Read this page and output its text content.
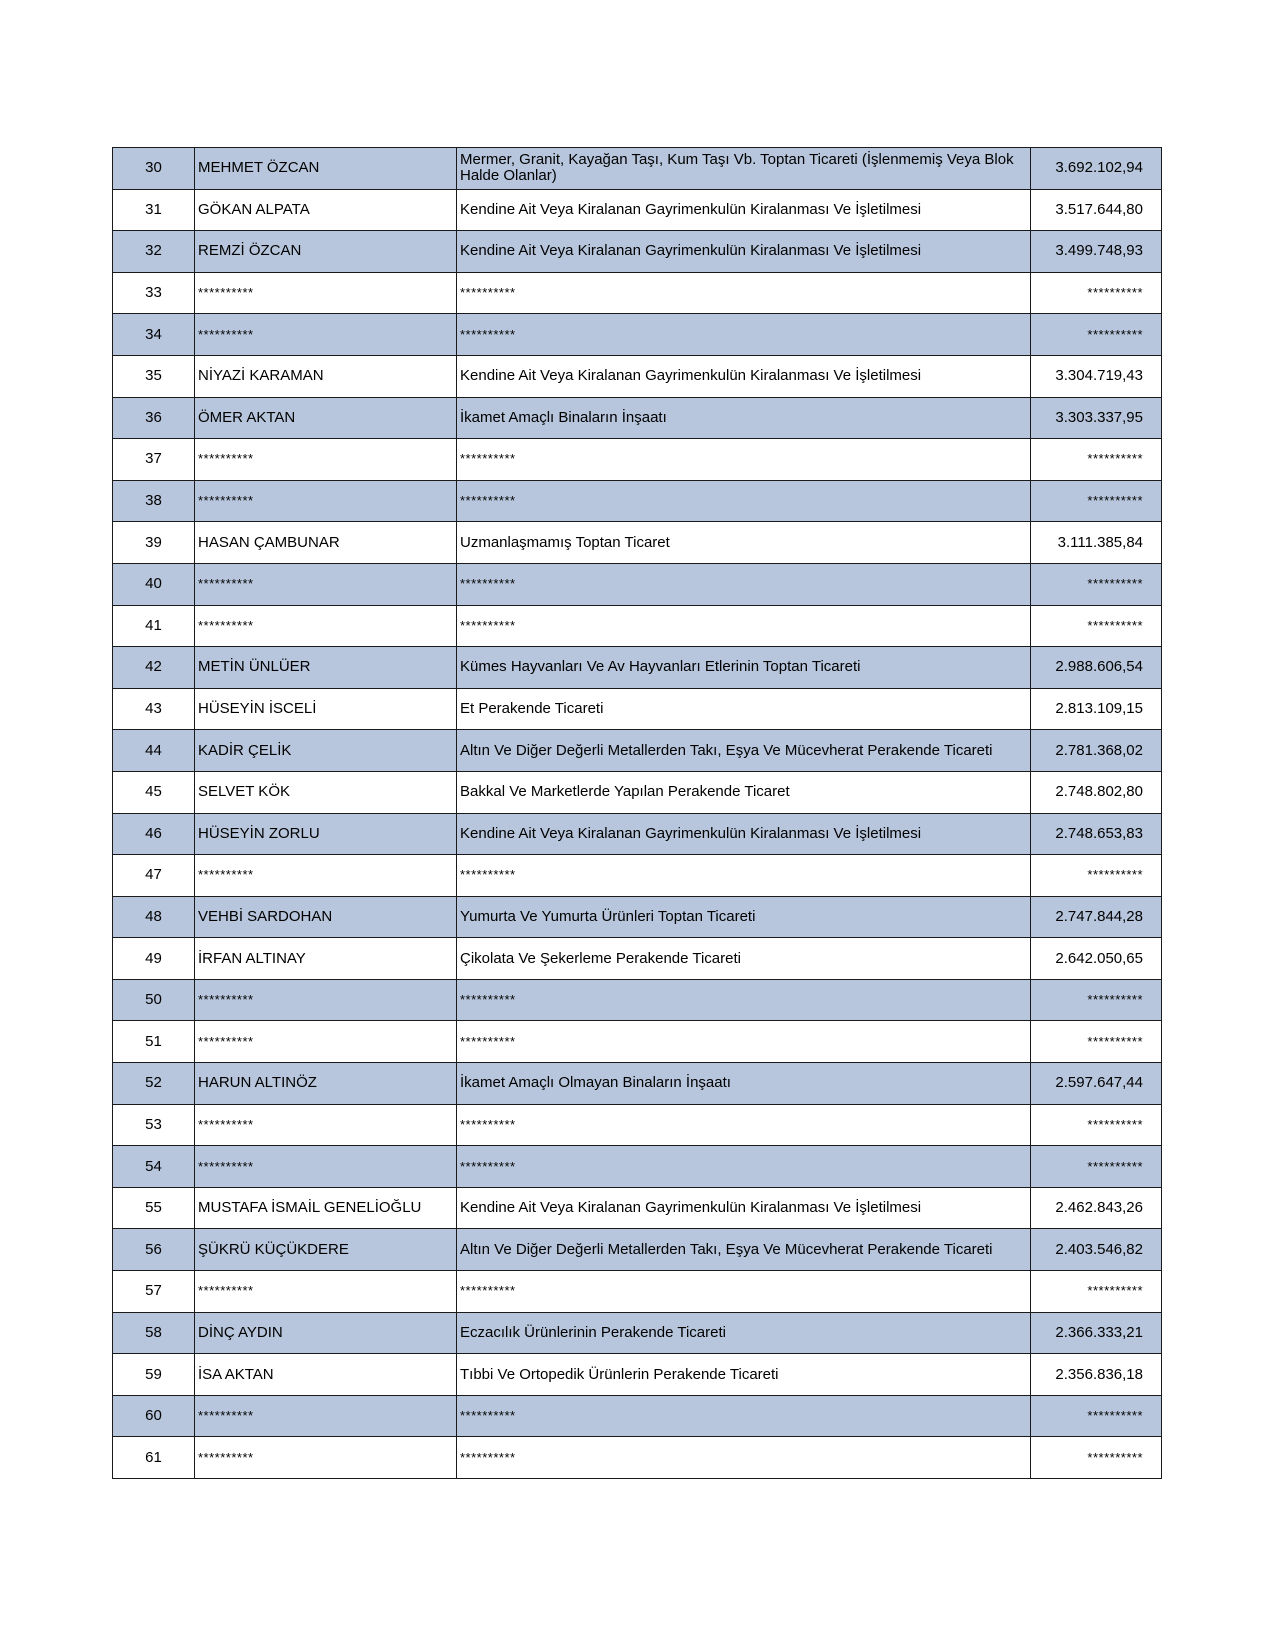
30	MEHMET ÖZCAN	Mermer, Granit, Kayağan Taşı, Kum Taşı Vb. Toptan Ticareti (İşlenmemiş Veya Blok Halde Olanlar)	3.692.102,94
31	GÖKAN ALPATA	Kendine Ait Veya Kiralanan Gayrimenkulün Kiralanması Ve İşletilmesi	3.517.644,80
32	REMZİ ÖZCAN	Kendine Ait Veya Kiralanan Gayrimenkulün Kiralanması Ve İşletilmesi	3.499.748,93
33	**********	**********	**********
34	**********	**********	**********
35	NİYAZİ KARAMAN	Kendine Ait Veya Kiralanan Gayrimenkulün Kiralanması Ve İşletilmesi	3.304.719,43
36	ÖMER AKTAN	İkamet Amaçlı Binaların İnşaatı	3.303.337,95
37	**********	**********	**********
38	**********	**********	**********
39	HASAN ÇAMBUNAR	Uzmanlaşmamış Toptan Ticaret	3.111.385,84
40	**********	**********	**********
41	**********	**********	**********
42	METİN ÜNLÜER	Kümes Hayvanları Ve Av Hayvanları Etlerinin Toptan Ticareti	2.988.606,54
43	HÜSEYİN İSCELİ	Et Perakende Ticareti	2.813.109,15
44	KADİR ÇELİK	Altın Ve Diğer Değerli Metallerden Takı, Eşya Ve Mücevherat Perakende Ticareti	2.781.368,02
45	SELVET KÖK	Bakkal Ve Marketlerde Yapılan Perakende Ticaret	2.748.802,80
46	HÜSEYİN ZORLU	Kendine Ait Veya Kiralanan Gayrimenkulün Kiralanması Ve İşletilmesi	2.748.653,83
47	**********	**********	**********
48	VEHBİ SARDOHAN	Yumurta Ve Yumurta Ürünleri Toptan Ticareti	2.747.844,28
49	İRFAN ALTINAY	Çikolata Ve Şekerleme Perakende Ticareti	2.642.050,65
50	**********	**********	**********
51	**********	**********	**********
52	HARUN ALTINÖZ	İkamet Amaçlı Olmayan Binaların İnşaatı	2.597.647,44
53	**********	**********	**********
54	**********	**********	**********
55	MUSTAFA İSMAİL GENELİOĞLU	Kendine Ait Veya Kiralanan Gayrimenkulün Kiralanması Ve İşletilmesi	2.462.843,26
56	ŞÜKRÜ KÜÇÜKDERE	Altın Ve Diğer Değerli Metallerden Takı, Eşya Ve Mücevherat Perakende Ticareti	2.403.546,82
57	**********	**********	**********
58	DİNÇ AYDIN	Eczacılık Ürünlerinin Perakende Ticareti	2.366.333,21
59	İSA AKTAN	Tıbbi Ve Ortopedik Ürünlerin Perakende Ticareti	2.356.836,18
60	**********	**********	**********
61	**********	**********	**********
